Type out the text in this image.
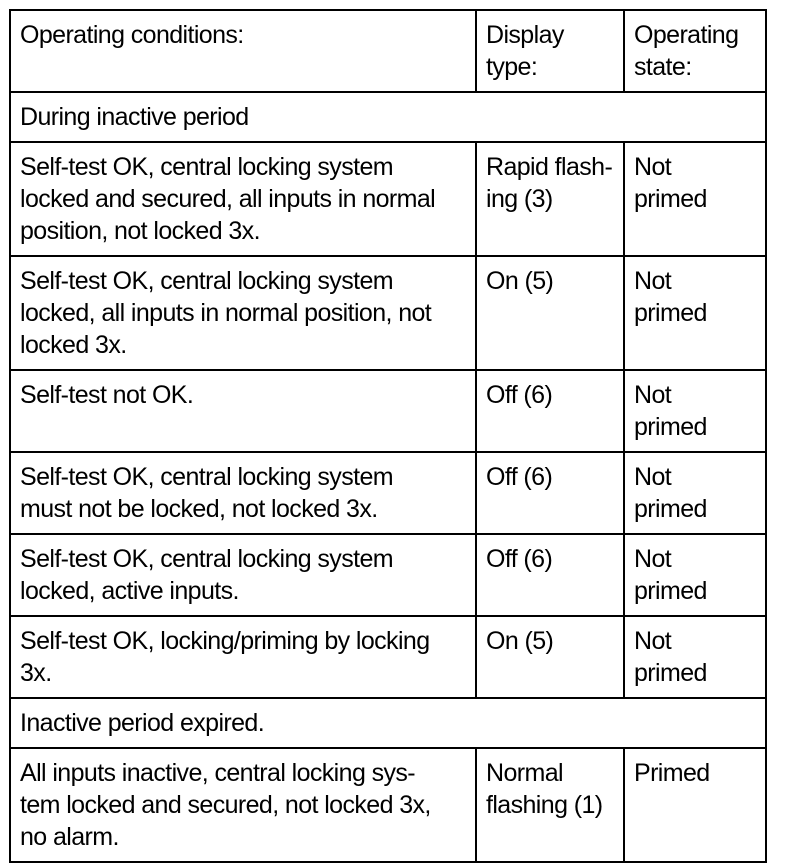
Operating conditions:	Display
type:	Operating
state:

During inactive period		

Self-test OK, central locking system
locked and secured, all inputs in normal
position, not locked 3x.	Rapid flash-
ing (3)	Not
primed

Self-test OK, central locking system
locked, all inputs in normal position, not
locked 3x.	On (5)	Not
primed

Self-test not OK.	Off (6)	Not
primed

Self-test OK, central locking system
must not be locked, not locked 3x.	Off (6)	Not
primed

Self-test OK, central locking system
locked, active inputs.	Off (6)	Not
primed

Self-test OK, locking/priming by locking
3x.	On (5)	Not
primed

Inactive period expired.		

All inputs inactive, central locking sys-
tem locked and secured, not locked 3x,
no alarm.	Normal
flashing (1)	Primed
